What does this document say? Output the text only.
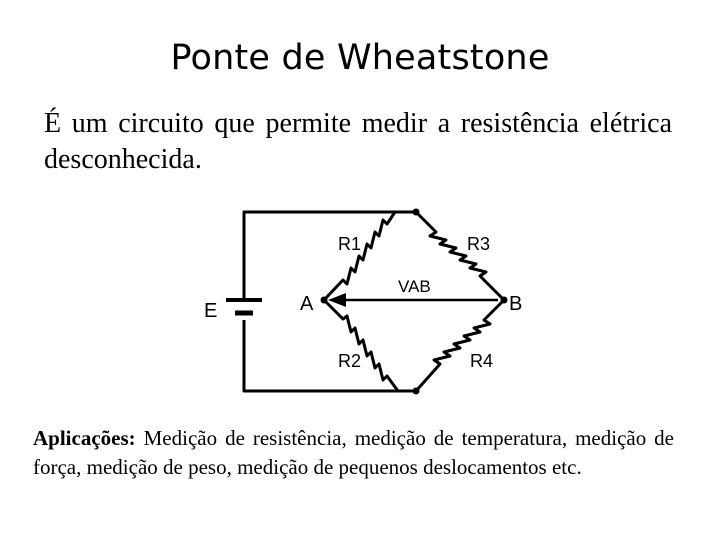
Ponte de Wheatstone

É um circuito que permite medir a resistência elétrica desconhecida.

E	A	B
R1	R3
R2	R4
VAB

Aplicações: Medição de resistência, medição de temperatura, medição de força, medição de peso, medição de pequenos deslocamentos etc.
